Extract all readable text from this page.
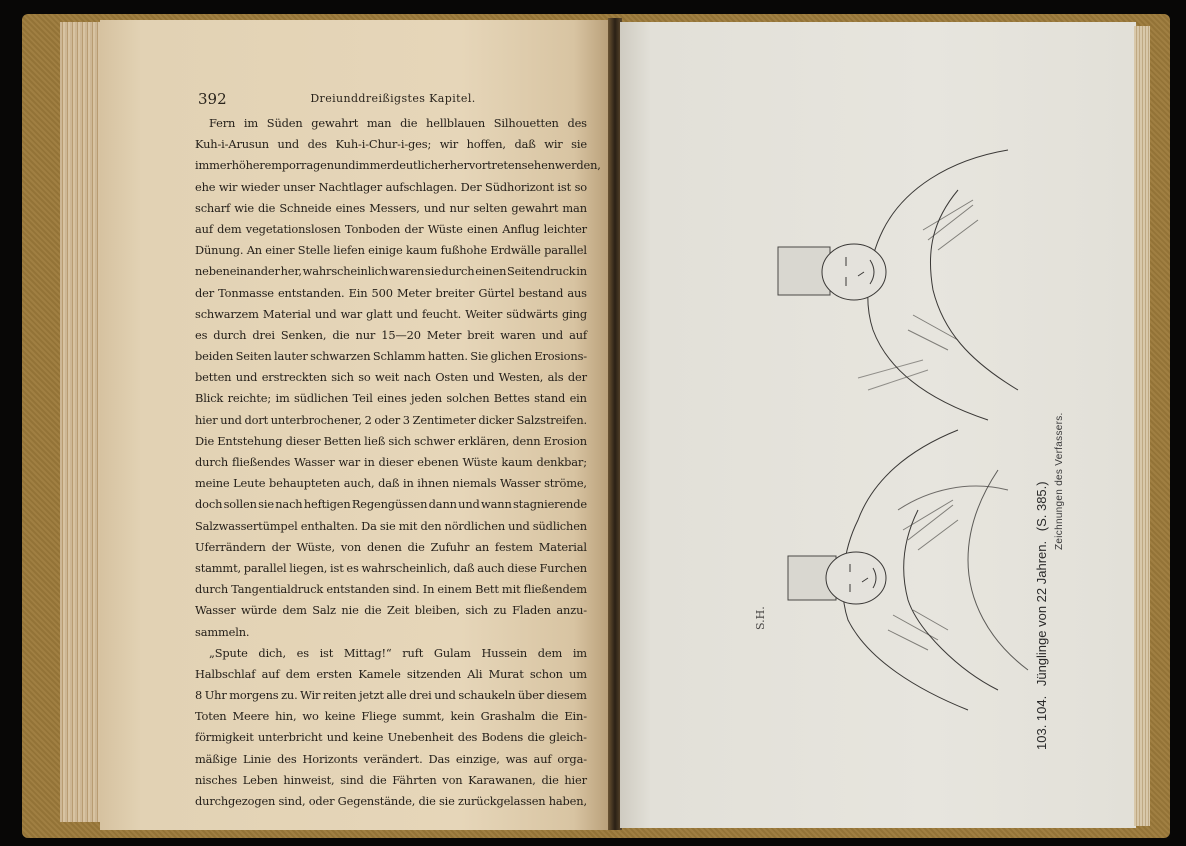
392	Dreiunddreißigstes Kapitel.
Fern im Süden gewahrt man die hellblauen Silhouetten des
Kuh-i-Arusun und des Kuh-i-Chur-i-ges; wir hoffen, daß wir sie
immer höher emporragen und immer deutlicher hervortreten sehen werden,
ehe wir wieder unser Nachtlager aufschlagen. Der Südhorizont ist so
scharf wie die Schneide eines Messers, und nur selten gewahrt man
auf dem vegetationslosen Tonboden der Wüste einen Anflug leichter
Dünung. An einer Stelle liefen einige kaum fußhohe Erdwälle parallel
nebeneinander her, wahrscheinlich waren sie durch einen Seitendruck in
der Tonmasse entstanden. Ein 500 Meter breiter Gürtel bestand aus
schwarzem Material und war glatt und feucht. Weiter südwärts ging
es durch drei Senken, die nur 15—20 Meter breit waren und auf
beiden Seiten lauter schwarzen Schlamm hatten. Sie glichen Erosions-
betten und erstreckten sich so weit nach Osten und Westen, als der
Blick reichte; im südlichen Teil eines jeden solchen Bettes stand ein
hier und dort unterbrochener, 2 oder 3 Zentimeter dicker Salzstreifen.
Die Entstehung dieser Betten ließ sich schwer erklären, denn Erosion
durch fließendes Wasser war in dieser ebenen Wüste kaum denkbar;
meine Leute behaupteten auch, daß in ihnen niemals Wasser ströme,
doch sollen sie nach heftigen Regengüssen dann und wann stagnierende
Salzwassertümpel enthalten. Da sie mit den nördlichen und südlichen
Uferrändern der Wüste, von denen die Zufuhr an festem Material
stammt, parallel liegen, ist es wahrscheinlich, daß auch diese Furchen
durch Tangentialdruck entstanden sind. In einem Bett mit fließendem
Wasser würde dem Salz nie die Zeit bleiben, sich zu Fladen anzu-
sammeln.
„Spute dich, es ist Mittag!“ ruft Gulam Hussein dem im
Halbschlaf auf dem ersten Kamele sitzenden Ali Murat schon um
8 Uhr morgens zu. Wir reiten jetzt alle drei und schaukeln über diesem
Toten Meere hin, wo keine Fliege summt, kein Grashalm die Ein-
förmigkeit unterbricht und keine Unebenheit des Bodens die gleich-
mäßige Linie des Horizonts verändert. Das einzige, was auf orga-
nisches Leben hinweist, sind die Fährten von Karawanen, die hier
durchgezogen sind, oder Gegenstände, die sie zurückgelassen haben,
S.H.
103. 104. Jünglinge von 22 Jahren. (S. 385.) Zeichnungen des Verfassers.
